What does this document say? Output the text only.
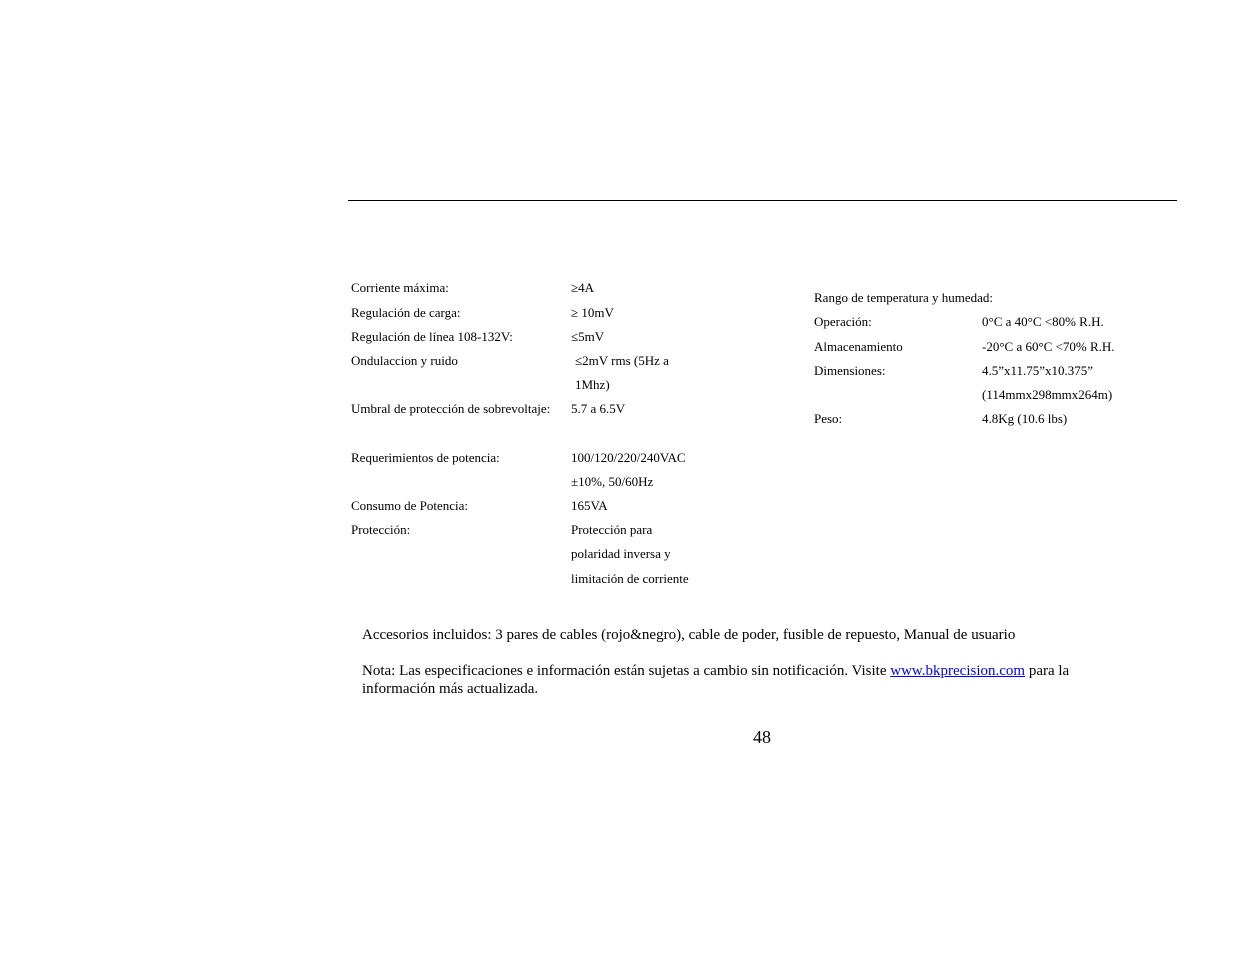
Corriente máxima:	≥4A
Regulación de carga:	≥ 10mV
Regulación de línea 108-132V:	≤5mV
Ondulaccion y ruido	≤2mV rms (5Hz a
1Mhz)
Umbral de protección de sobrevoltaje: 5.7 a 6.5V
Requerimientos de potencia:	100/120/220/240VAC
±10%, 50/60Hz
Consumo de Potencia:	165VA
Protección:	Protección para
polaridad inversa y
limitación de corriente
Rango de temperatura y humedad:
Operación:	0°C a 40°C <80% R.H.
Almacenamiento	-20°C a 60°C <70% R.H.
Dimensiones:	4.5”x11.75”x10.375”
(114mmx298mmx264m)
Peso:	4.8Kg (10.6 lbs)
Accesorios incluidos: 3 pares de cables (rojo&negro), cable de poder, fusible de repuesto, Manual de usuario
Nota: Las especificaciones e información están sujetas a cambio sin notificación. Visite www.bkprecision.com para la
información más actualizada.
48
